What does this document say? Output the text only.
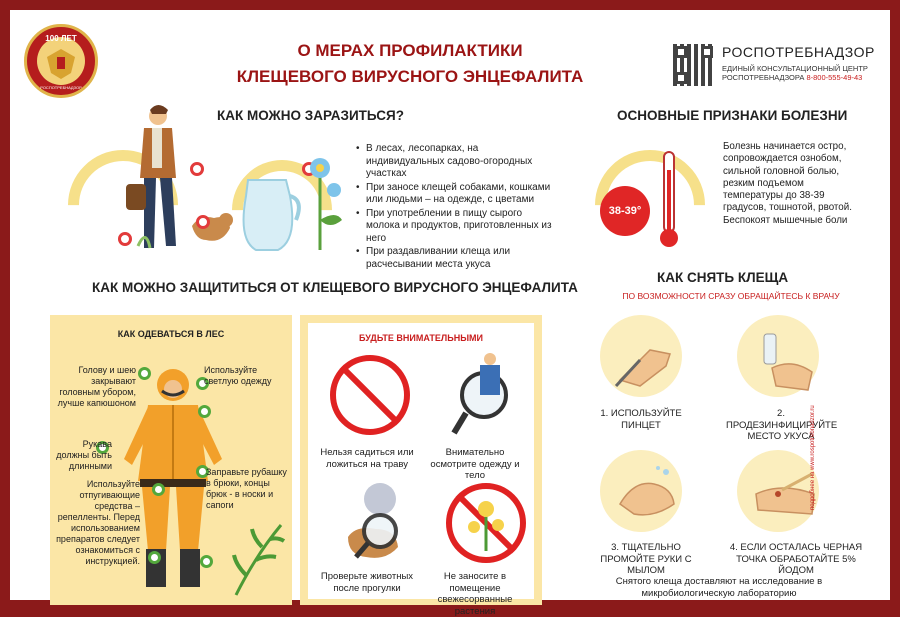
100 ЛЕТ
РОСПОТРЕБНАДЗОР
О МЕРАХ ПРОФИЛАКТИКИ
КЛЕЩЕВОГО ВИРУСНОГО ЭНЦЕФАЛИТА
РОСПОТРЕБНАДЗОР
ЕДИНЫЙ КОНСУЛЬТАЦИОННЫЙ ЦЕНТР
РОСПОТРЕБНАДЗОРА 8-800-555-49-43
КАК МОЖНО ЗАРАЗИТЬСЯ?
• В лесах, лесопарках, на индивидуальных садово-огородных участках
• При заносе клещей собаками, кошками или людьми – на одежде, с цветами
• При употреблении в пищу сырого молока и продуктов, приготовленных из него
• При раздавливании клеща или расчесывании места укуса
ОСНОВНЫЕ ПРИЗНАКИ БОЛЕЗНИ
38-39°
Болезнь начинается остро, сопровождается ознобом, сильной головной болью, резким подъемом температуры до 38-39 градусов, тошнотой, рвотой. Беспокоят мышечные боли
КАК МОЖНО ЗАЩИТИТЬСЯ ОТ КЛЕЩЕВОГО ВИРУСНОГО ЭНЦЕФАЛИТА
КАК ОДЕВАТЬСЯ В ЛЕС
Голову и шею закрывают головным убором, лучше капюшоном
Используйте светлую одежду
Рукава должны быть длинными
Заправьте рубашку в брюки, концы брюк - в носки и сапоги
Используйте отпугивающие средства – репелленты. Перед использованием препаратов следует ознакомиться с инструкцией.
БУДЬТЕ ВНИМАТЕЛЬНЫМИ
Нельзя садиться или ложиться на траву
Внимательно осмотрите одежду и тело
Проверьте животных после прогулки
Не заносите в помещение свежесорванные растения
КАК СНЯТЬ КЛЕЩА
ПО ВОЗМОЖНОСТИ СРАЗУ ОБРАЩАЙТЕСЬ К ВРАЧУ
1. ИСПОЛЬЗУЙТЕ ПИНЦЕТ
2. ПРОДЕЗИНФИЦИРУЙТЕ МЕСТО УКУСА
3. ТЩАТЕЛЬНО ПРОМОЙТЕ РУКИ С МЫЛОМ
4. ЕСЛИ ОСТАЛАСЬ ЧЕРНАЯ ТОЧКА ОБРАБОТАЙТЕ 5% ЙОДОМ
Снятого клеща доставляют на исследование в микробиологическую лабораторию
подробнее на www.rospotrebnadzor.ru
